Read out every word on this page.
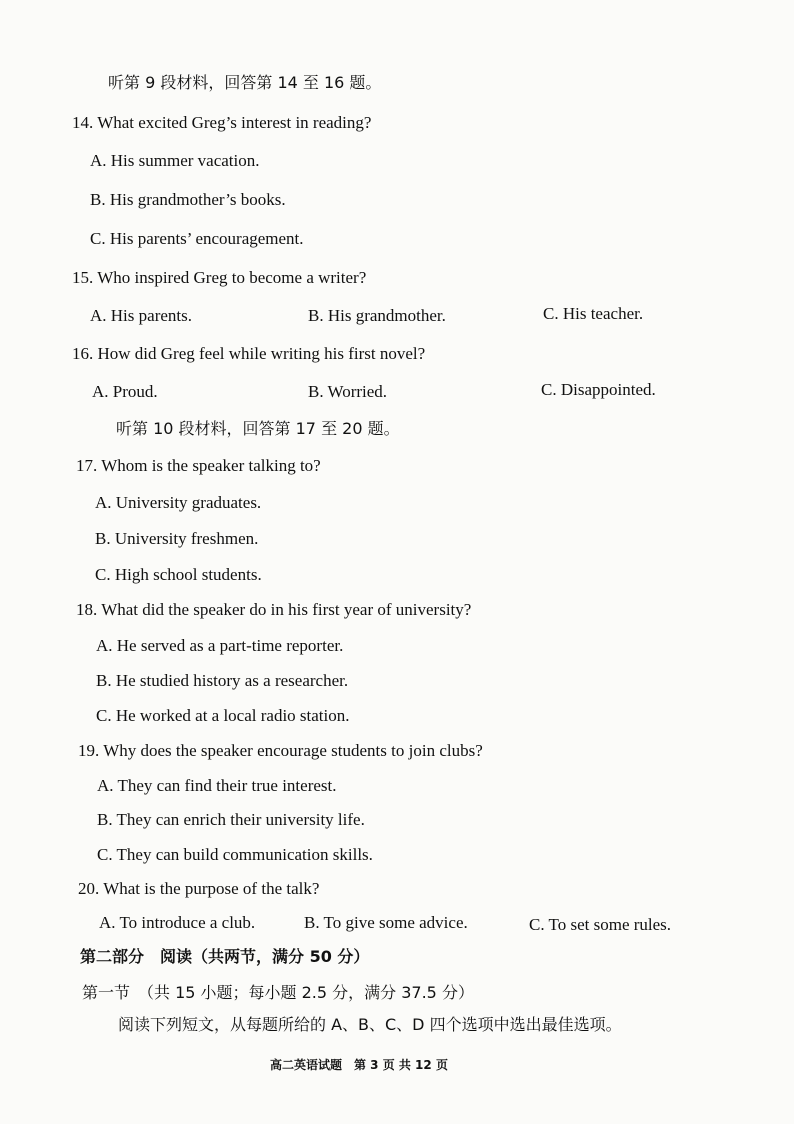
听第 9 段材料，回答第 14 至 16 题。
14. What excited Greg’s interest in reading?
A. His summer vacation.
B. His grandmother’s books.
C. His parents’ encouragement.
15. Who inspired Greg to become a writer?
A. His parents.	B. His grandmother.	C. His teacher.
16. How did Greg feel while writing his first novel?
A. Proud.	B. Worried.	C. Disappointed.
听第 10 段材料，回答第 17 至 20 题。
17. Whom is the speaker talking to?
A. University graduates.
B. University freshmen.
C. High school students.
18. What did the speaker do in his first year of university?
A. He served as a part-time reporter.
B. He studied history as a researcher.
C. He worked at a local radio station.
19. Why does the speaker encourage students to join clubs?
A. They can find their true interest.
B. They can enrich their university life.
C. They can build communication skills.
20. What is the purpose of the talk?
A. To introduce a club.	B. To give some advice.	C. To set some rules.
第二部分　阅读（共两节，满分 50 分）
第一节　（共 15 小题；每小题 2.5 分，满分 37.5 分）
阅读下列短文，从每题所给的 A、B、C、D 四个选项中选出最佳选项。
高二英语试题　第 3 页 共 12 页
